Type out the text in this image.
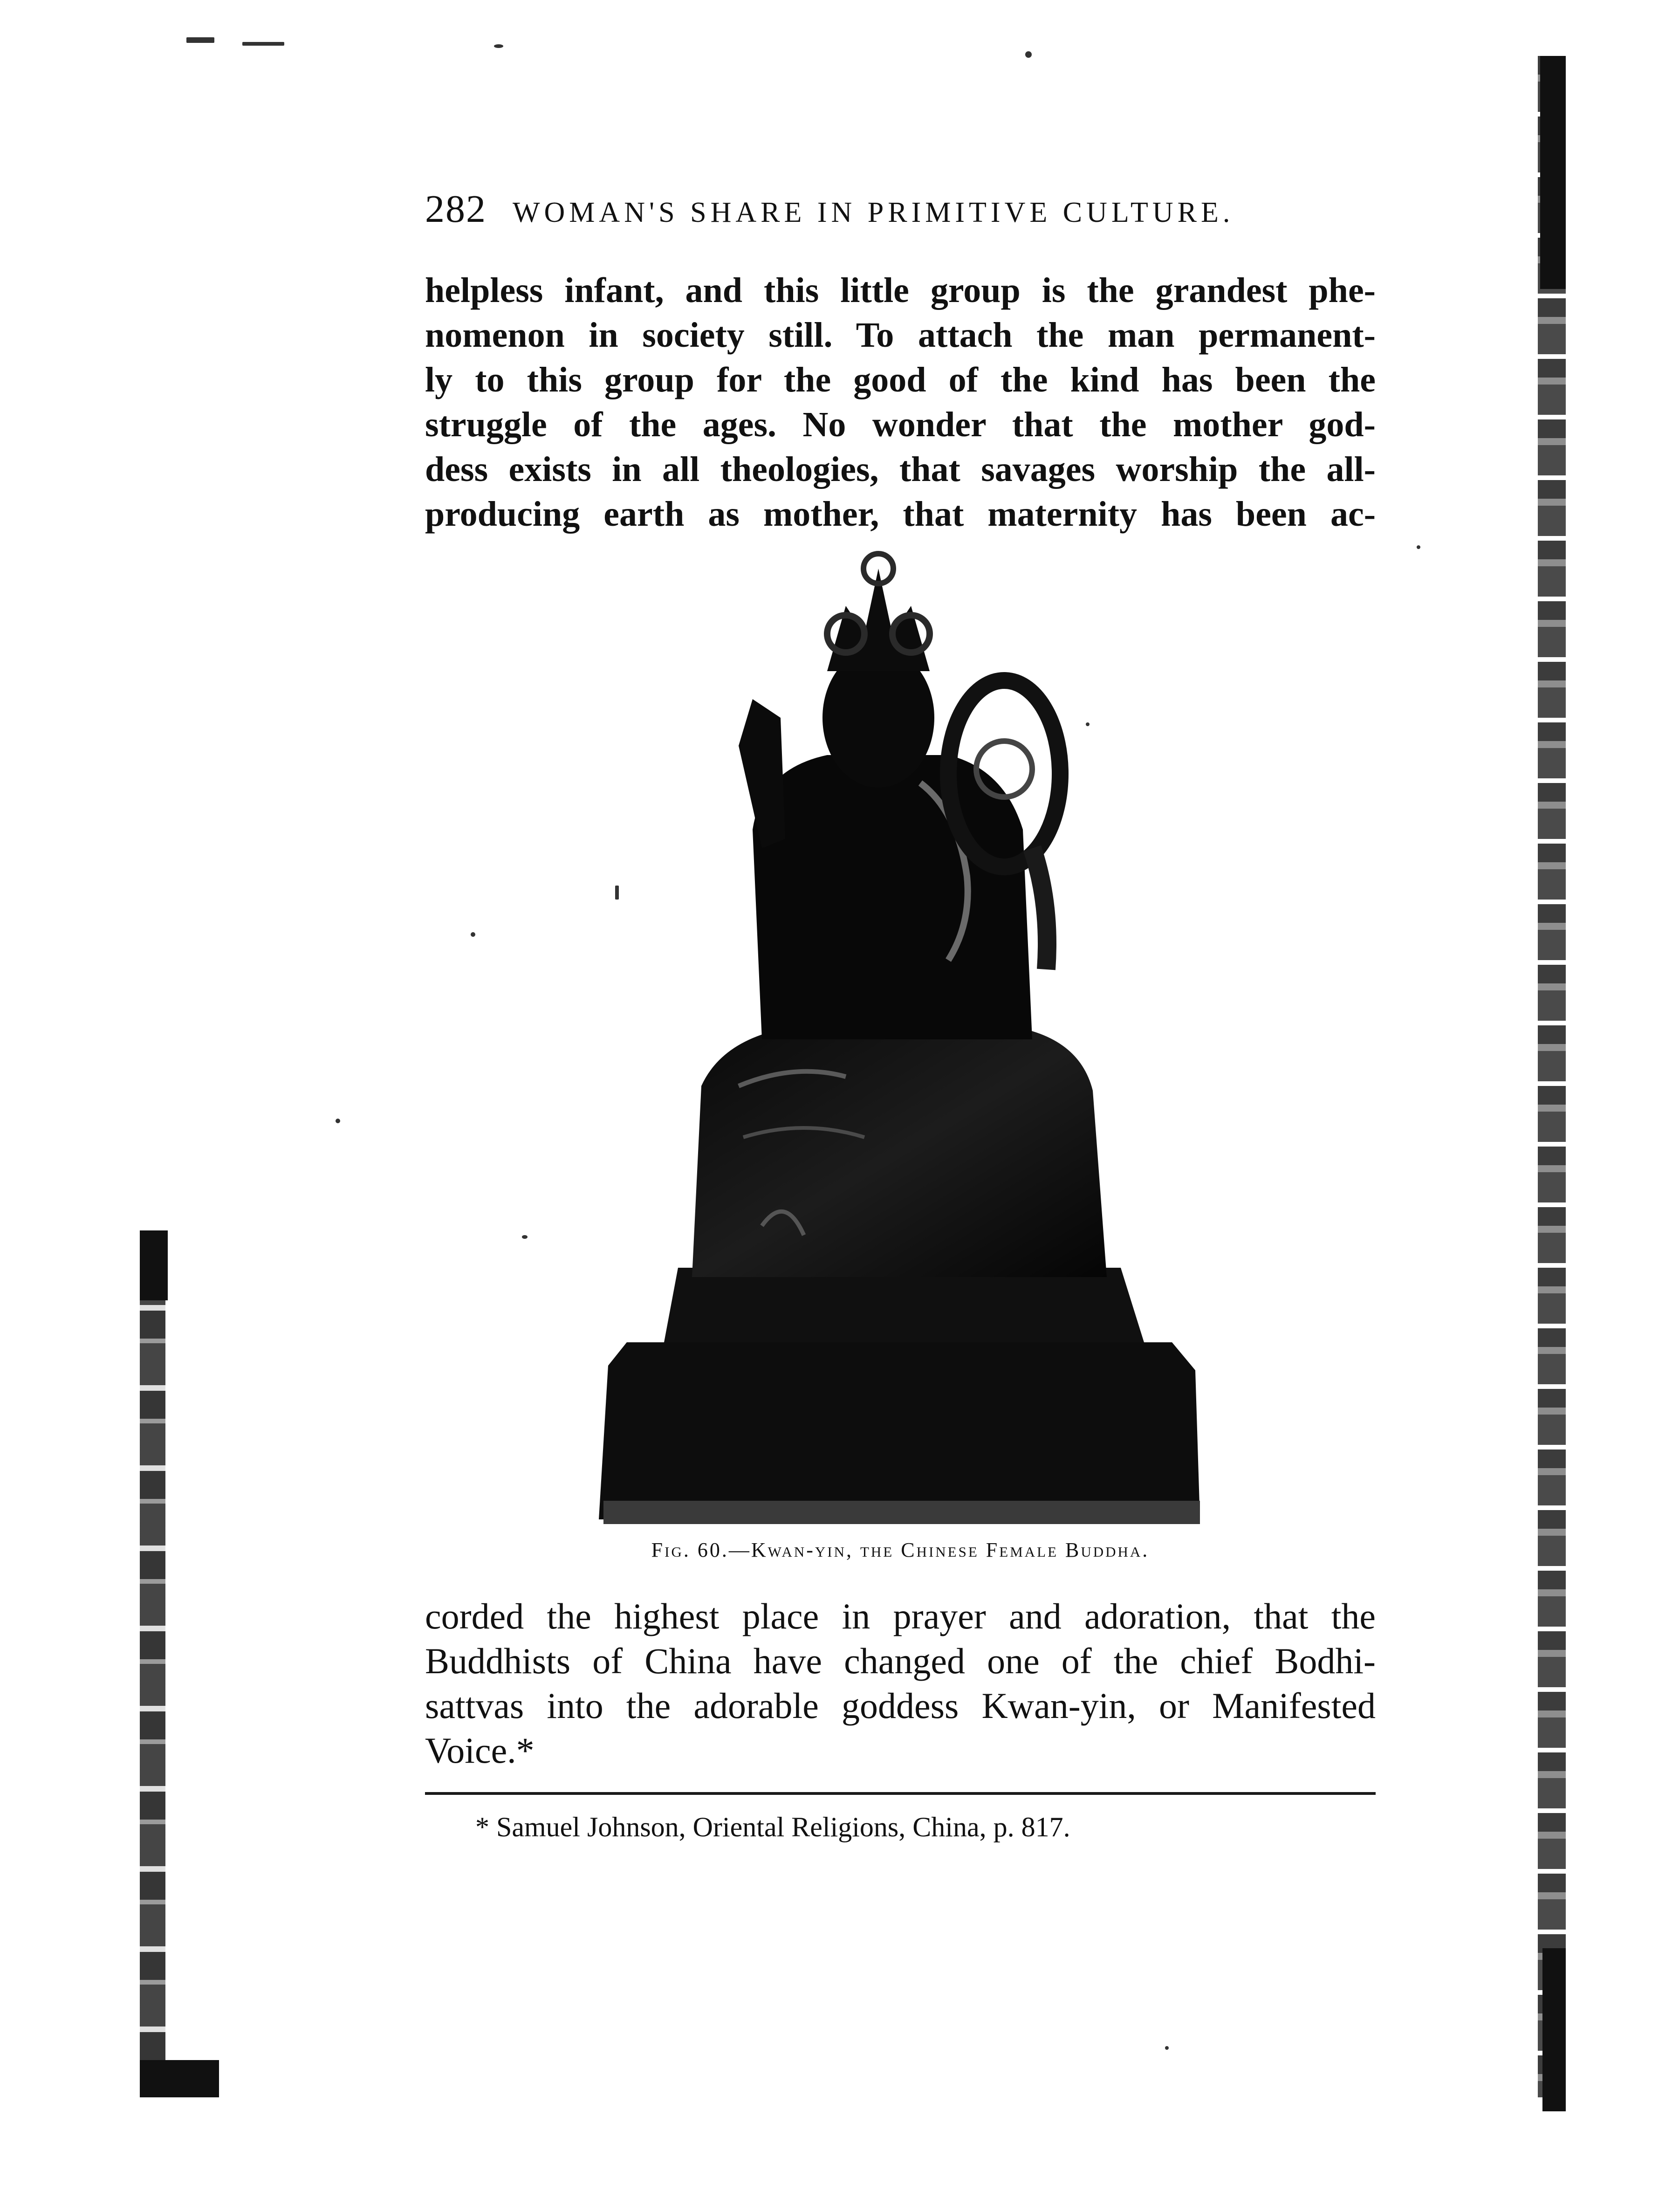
282 WOMAN'S SHARE IN PRIMITIVE CULTURE.
helpless infant, and this little group is the grandest phe-
nomenon in society still. To attach the man permanent-
ly to this group for the good of the kind has been the
struggle of the ages. No wonder that the mother god-
dess exists in all theologies, that savages worship the all-
producing earth as mother, that maternity has been ac-
Fig. 60.—Kwan-yin, the Chinese Female Buddha.
corded the highest place in prayer and adoration, that the
Buddhists of China have changed one of the chief Bodhi-
sattvas into the adorable goddess Kwan-yin, or Manifested
Voice.*
* Samuel Johnson, Oriental Religions, China, p. 817.
